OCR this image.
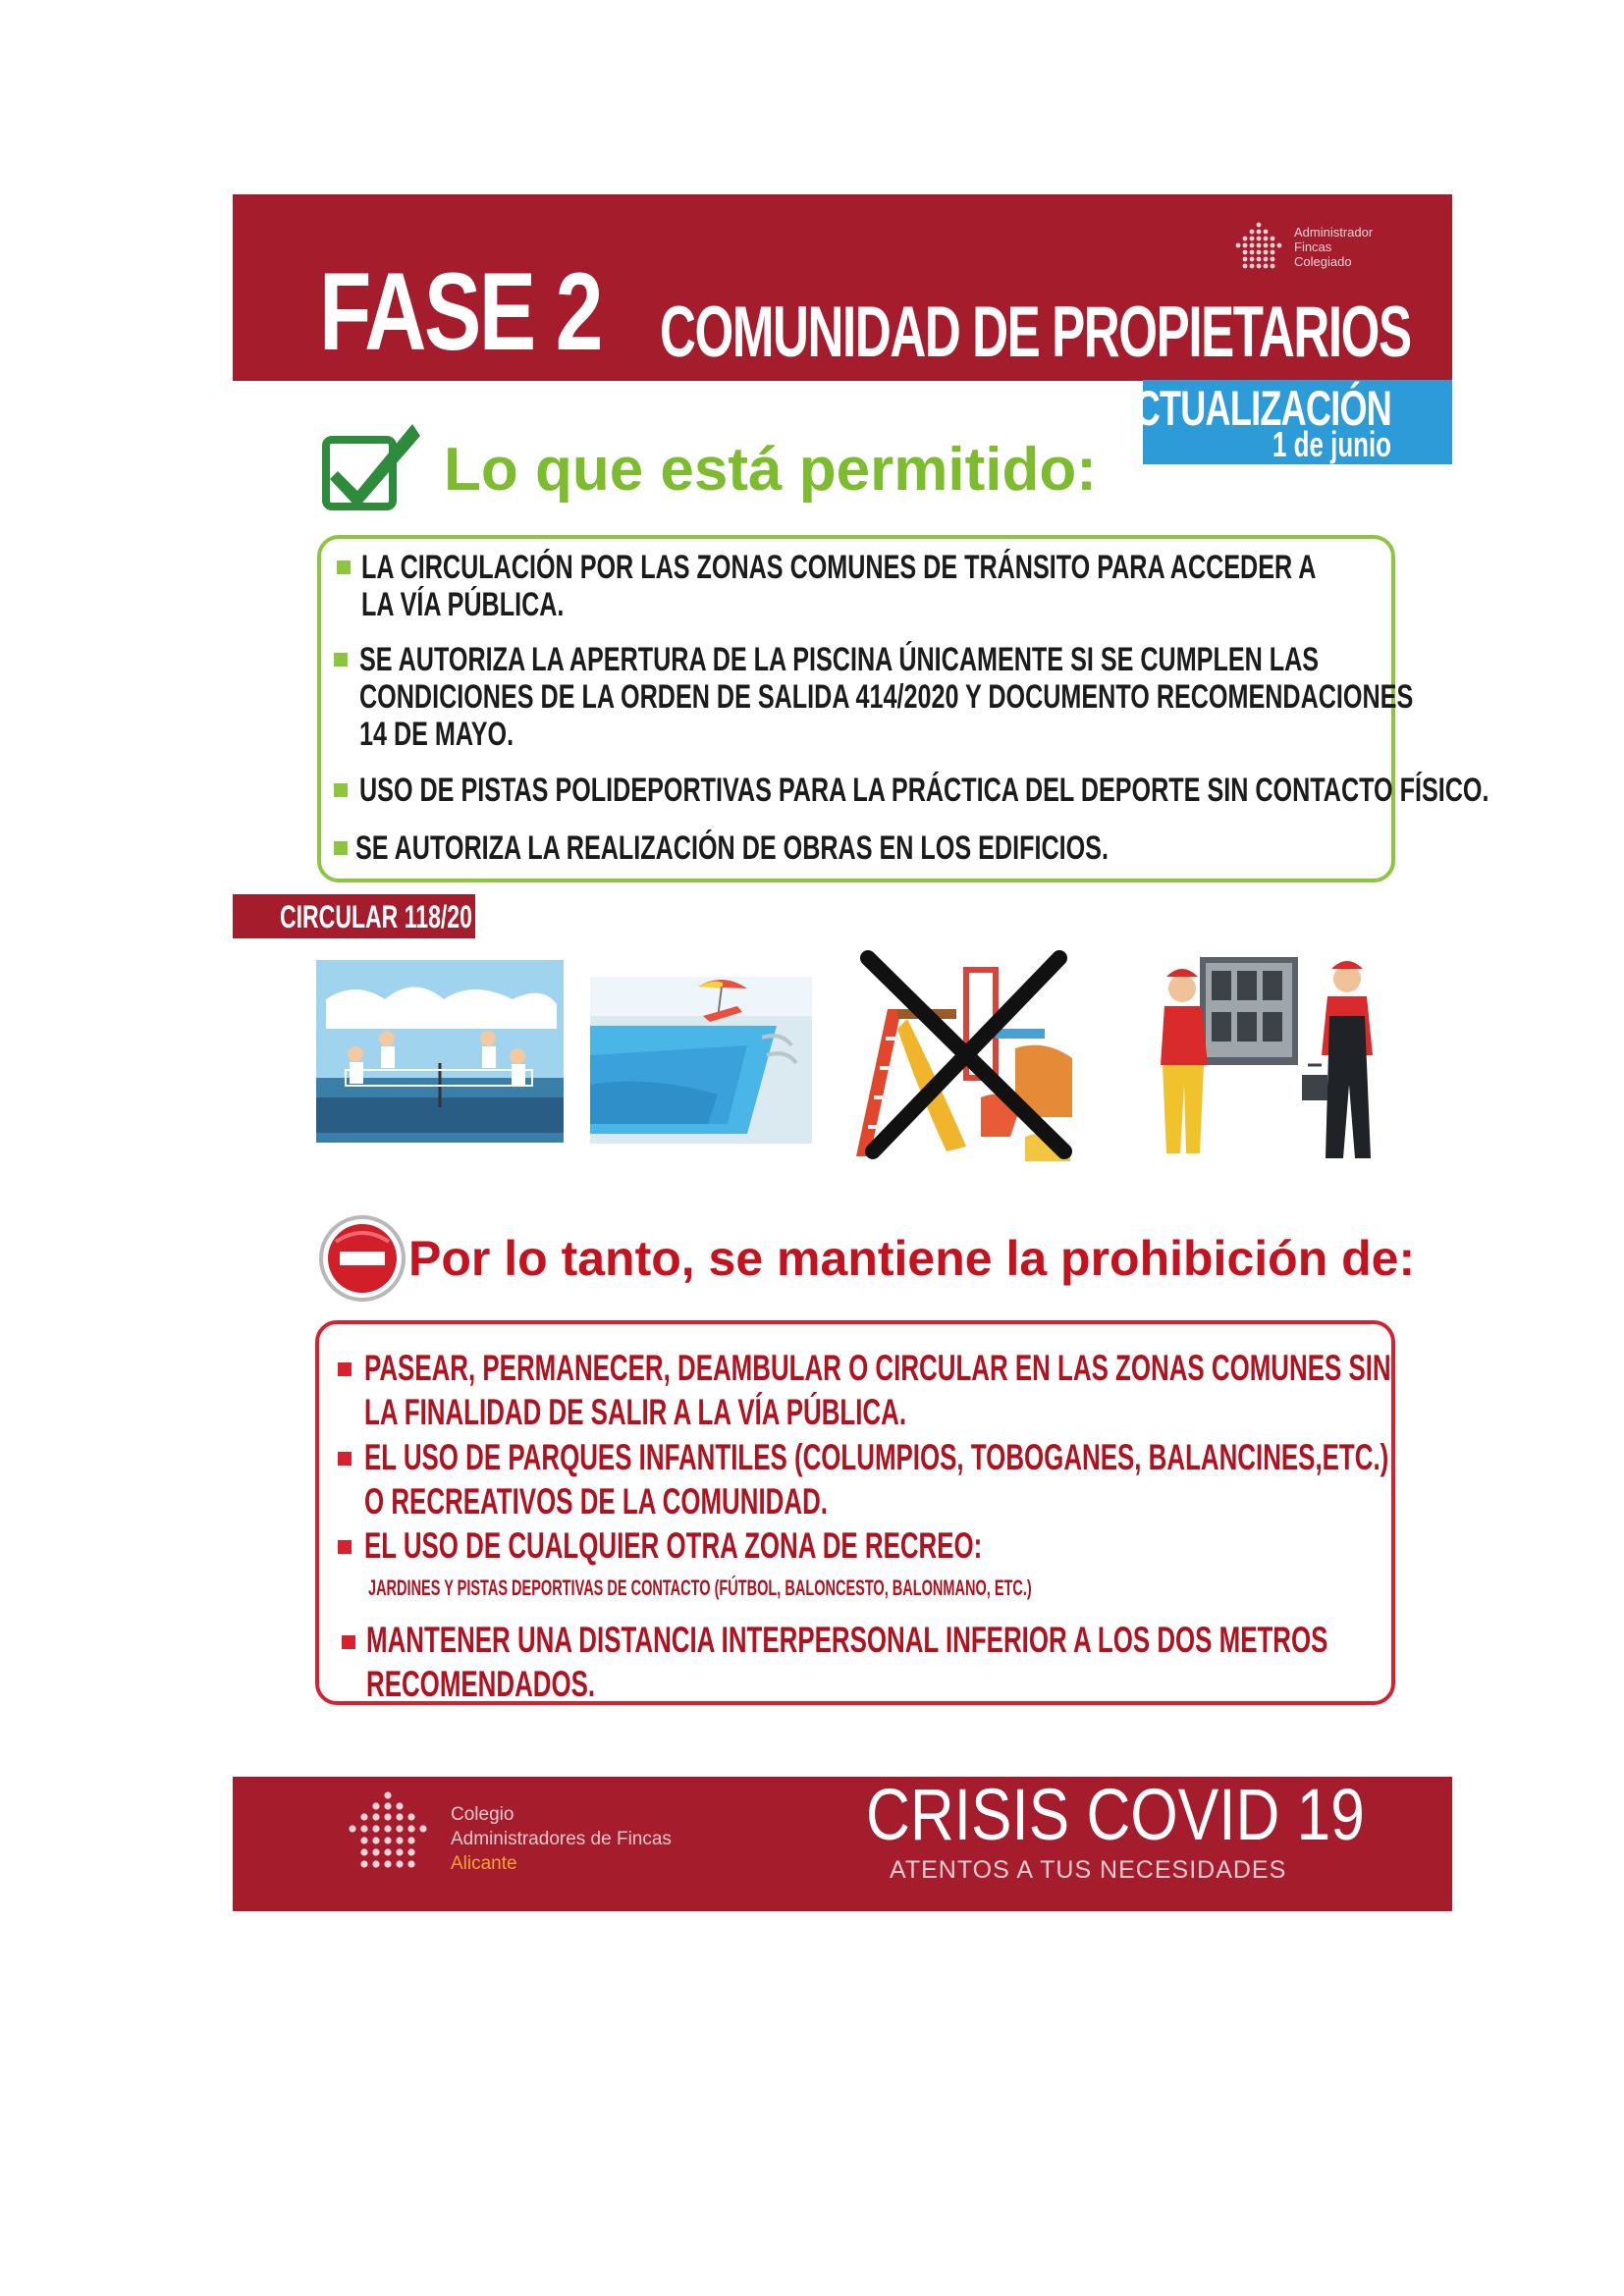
FASE 2 COMUNIDAD DE PROPIETARIOS
Administrador
Fincas
Colegiado
ACTUALIZACIÓN
1 de junio
Lo que está permitido:
LA CIRCULACIÓN POR LAS ZONAS COMUNES DE TRÁNSITO PARA ACCEDER A
LA VÍA PÚBLICA.
SE AUTORIZA LA APERTURA DE LA PISCINA ÚNICAMENTE SI SE CUMPLEN LAS
CONDICIONES DE LA ORDEN DE SALIDA 414/2020 Y DOCUMENTO RECOMENDACIONES
14 DE MAYO.
USO DE PISTAS POLIDEPORTIVAS PARA LA PRÁCTICA DEL DEPORTE SIN CONTACTO FÍSICO.
SE AUTORIZA LA REALIZACIÓN DE OBRAS EN LOS EDIFICIOS.
CIRCULAR 118/20
Por lo tanto, se mantiene la prohibición de:
PASEAR, PERMANECER, DEAMBULAR O CIRCULAR EN LAS ZONAS COMUNES SIN
LA FINALIDAD DE SALIR A LA VÍA PÚBLICA.
EL USO DE PARQUES INFANTILES (COLUMPIOS, TOBOGANES, BALANCINES,ETC.)
O RECREATIVOS DE LA COMUNIDAD.
EL USO DE CUALQUIER OTRA ZONA DE RECREO:
JARDINES Y PISTAS DEPORTIVAS DE CONTACTO (FÚTBOL, BALONCESTO, BALONMANO, ETC.)
MANTENER UNA DISTANCIA INTERPERSONAL INFERIOR A LOS DOS METROS
RECOMENDADOS.
Colegio
Administradores de Fincas
Alicante
CRISIS COVID 19
ATENTOS A TUS NECESIDADES
